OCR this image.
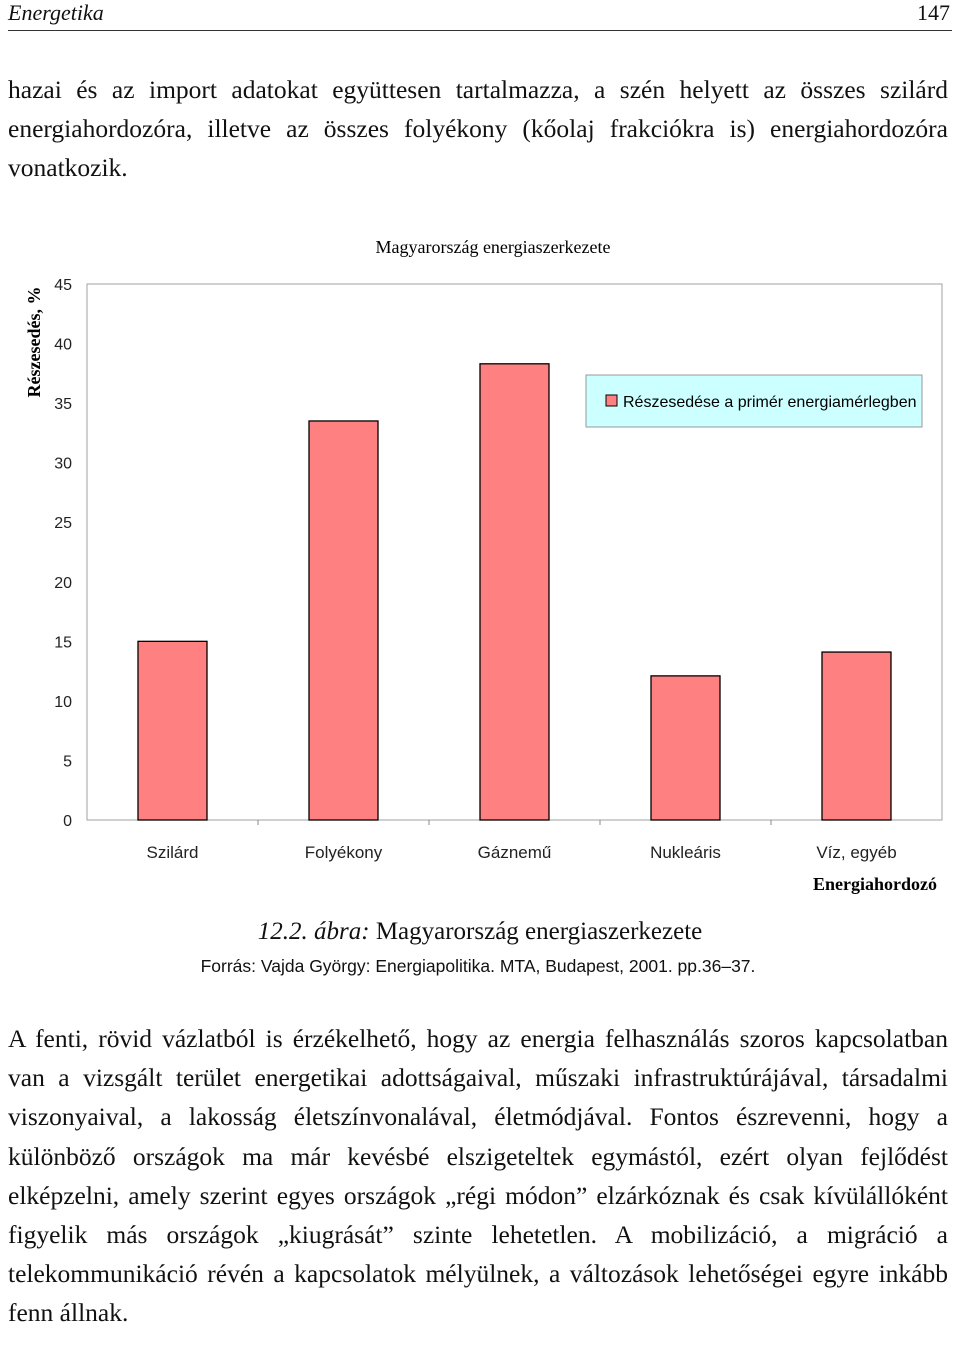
Energetika	147

hazai és az import adatokat együttesen tartalmazza, a szén helyett az összes szilárd energiahordozóra, illetve az összes folyékony (kőolaj frakciókra is) energiahordozóra vonatkozik.

Magyarország energiaszerkezete
Részesedés, %
0
5
10
15
20
25
30
35
40
45
Szilárd	Folyékony	Gáznemű	Nukleáris	Víz, egyéb
Részesedése a primér energiamérlegben
Energiahordozó
12.2. ábra: Magyarország energiaszerkezete
Forrás: Vajda György: Energiapolitika. MTA, Budapest, 2001. pp.36–37.

A fenti, rövid vázlatból is érzékelhető, hogy az energia felhasználás szoros kapcsolatban van a vizsgált terület energetikai adottságaival, műszaki infrastruktúrájával, társadalmi viszonyaival, a lakosság életszínvonalával, életmódjával. Fontos észrevenni, hogy a különböző országok ma már kevésbé elszigeteltek egymástól, ezért olyan fejlődést elképzelni, amely szerint egyes országok „régi módon” elzárkóznak és csak kívülállóként figyelik más országok „kiugrását” szinte lehetetlen. A mobilizáció, a migráció a telekommunikáció révén a kapcsolatok mélyülnek, a változások lehetőségei egyre inkább fenn állnak.
